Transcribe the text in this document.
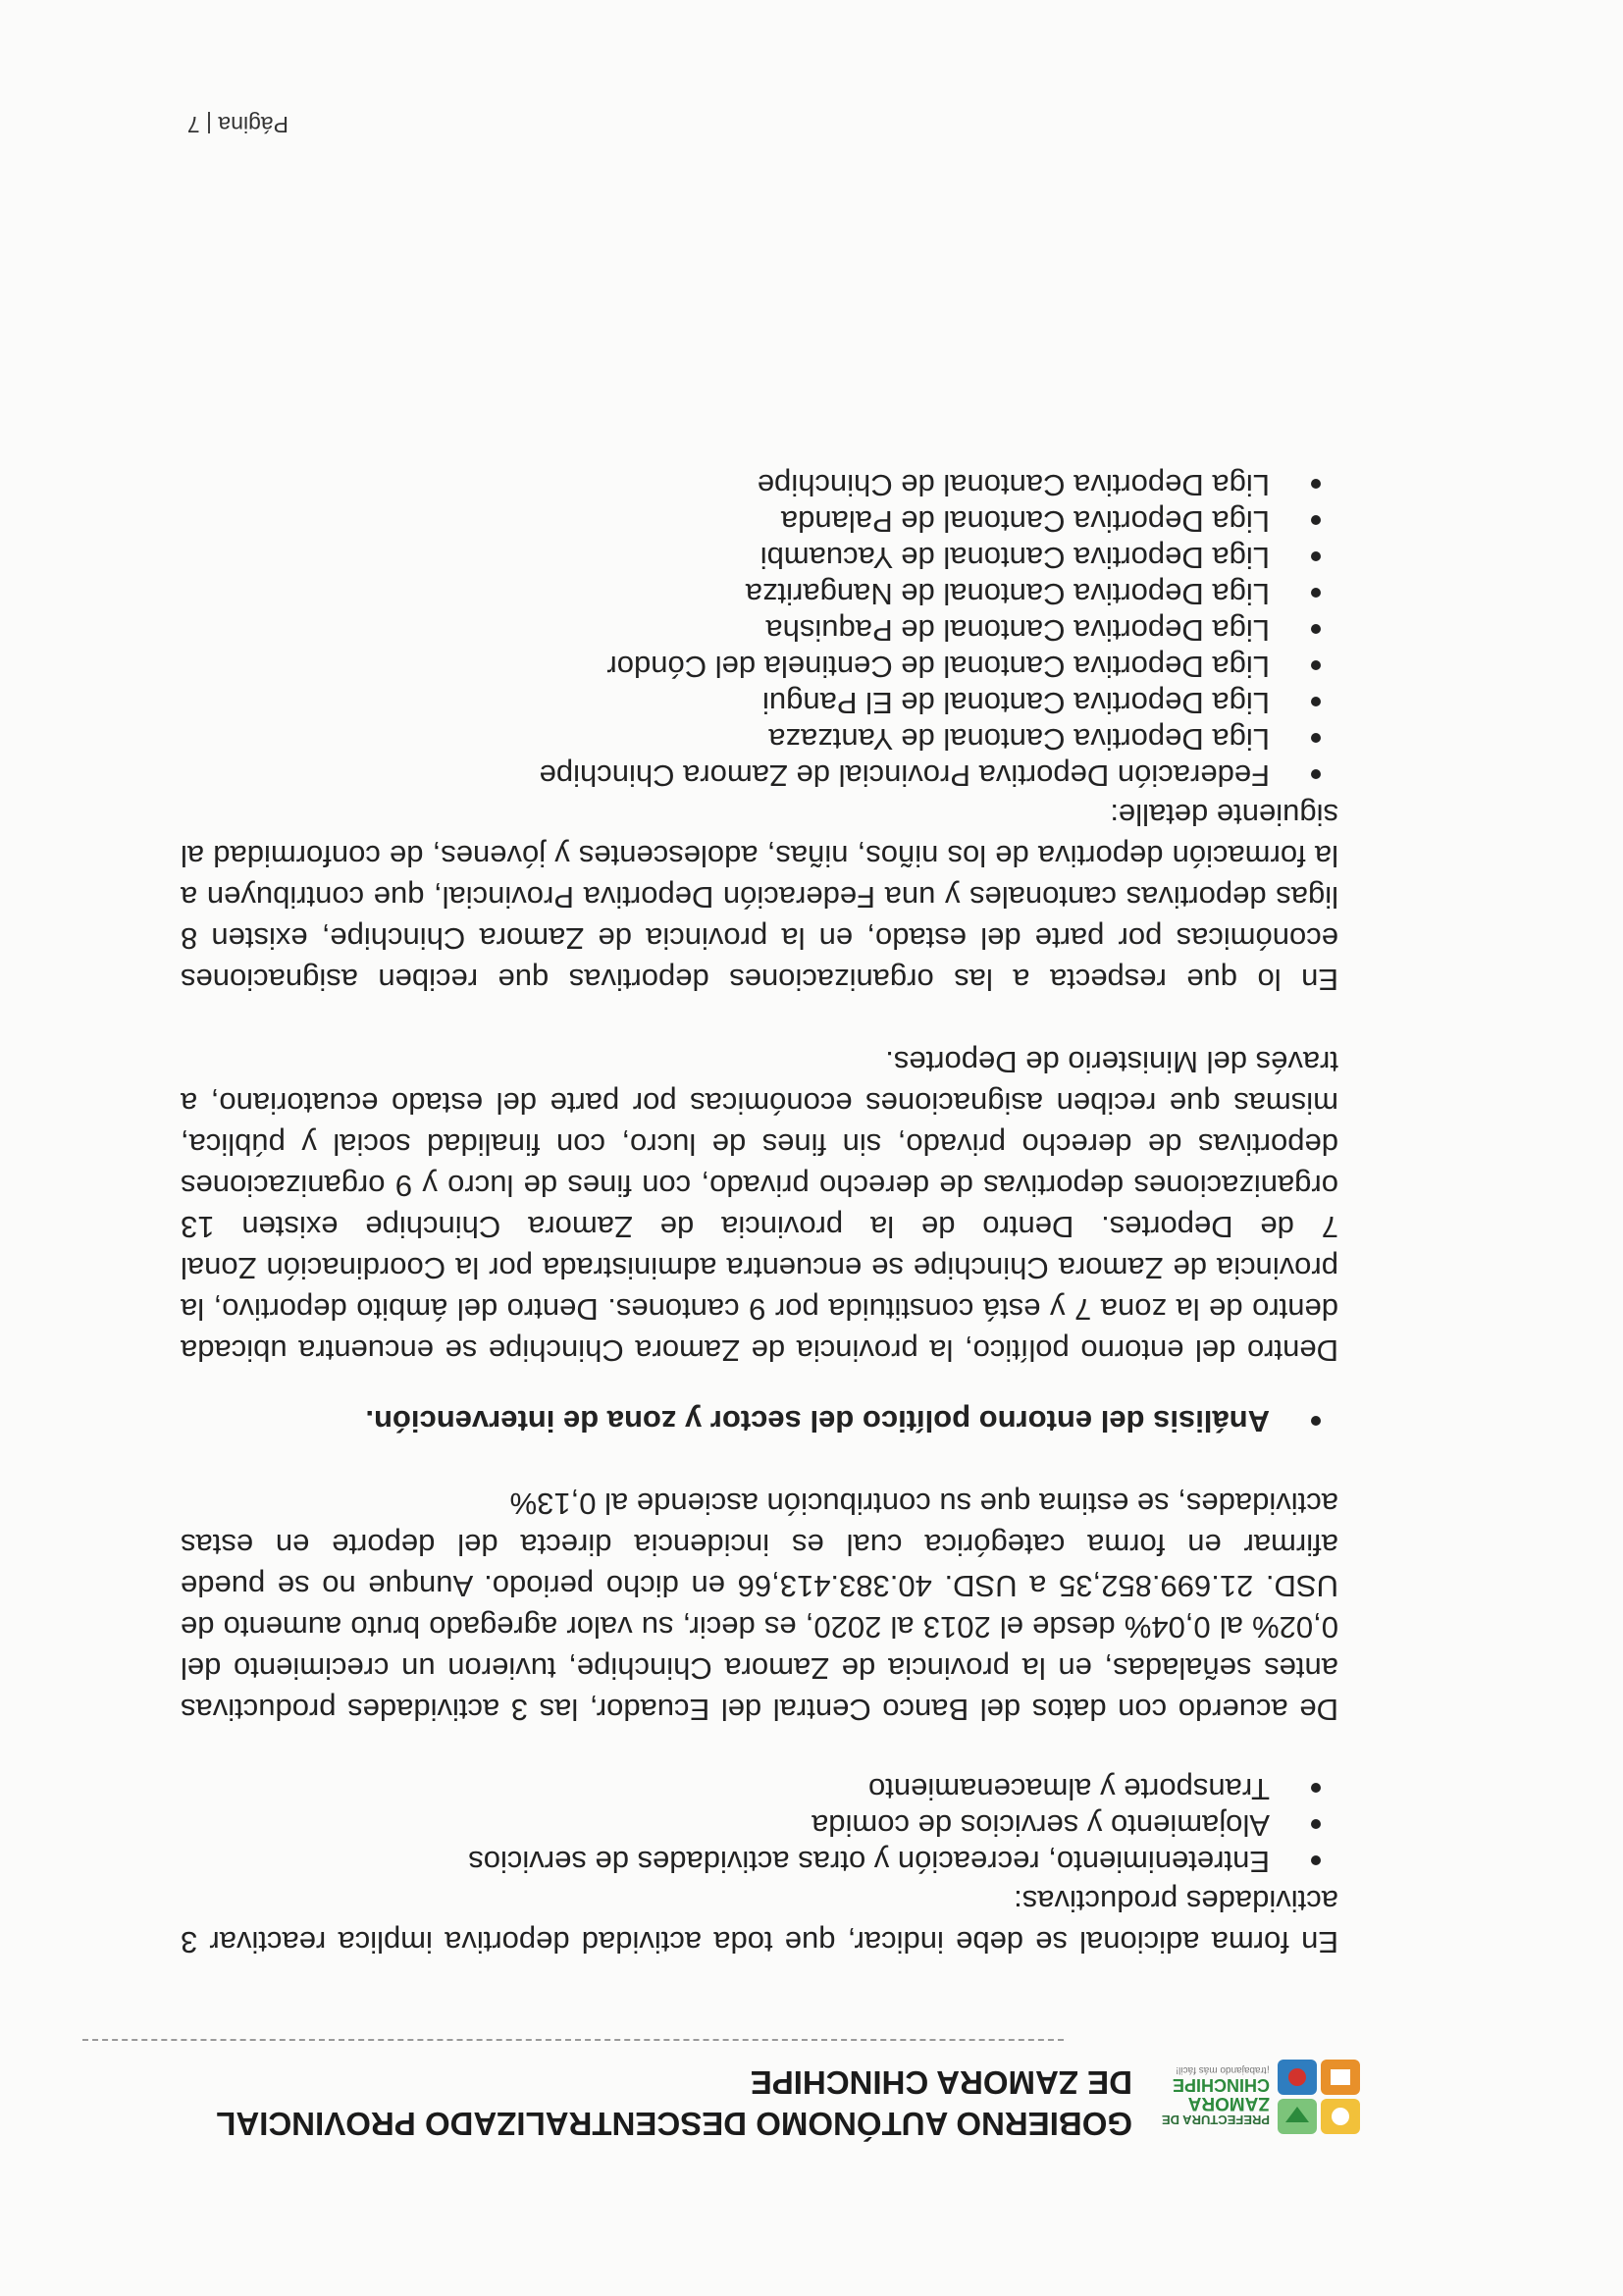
PREFECTURA DE
ZAMORA
CHINCHIPE
¡trabajando más fácil!
GOBIERNO AUTÓNOMO DESCENTRALIZADO PROVINCIAL
DE ZAMORA CHINCHIPE

En forma adicional se debe indicar, que toda actividad deportiva implica reactivar 3 actividades productivas:

Entretenimiento, recreación y otras actividades de servicios
Alojamiento y servicios de comida
Transporte y almacenamiento

De acuerdo con datos del Banco Central del Ecuador, las 3 actividades productivas antes señaladas, en la provincia de Zamora Chinchipe, tuvieron un crecimiento del 0,02% al 0,04% desde el 2013 al 2020, es decir, su valor agregado bruto aumento de USD. 21.699.852,35 a USD. 40.383.413,66 en dicho periodo. Aunque no se puede afirmar en forma categórica cual es incidencia directa del deporte en estas actividades, se estima que su contribución asciende al 0,13%

Análisis del entorno político del sector y zona de intervención.

Dentro del entorno político, la provincia de Zamora Chinchipe se encuentra ubicada dentro de la zona 7 y está constituida por 9 cantones. Dentro del ámbito deportivo, la provincia de Zamora Chinchipe se encuentra administrada por la Coordinación Zonal 7 de Deportes. Dentro de la provincia de Zamora Chinchipe existen 13 organizaciones deportivas de derecho privado, con fines de lucro y 9 organizaciones deportivas de derecho privado, sin fines de lucro, con finalidad social y pública, mismas que reciben asignaciones económicas por parte del estado ecuatoriano, a través del Ministerio de Deportes.

En lo que respecta a las organizaciones deportivas que reciben asignaciones económicas por parte del estado, en la provincia de Zamora Chinchipe, existen 8 ligas deportivas cantonales y una Federación Deportiva Provincial, que contribuyen a la formación deportiva de los niños, niñas, adolescentes y jóvenes, de conformidad al siguiente detalle:

Federación Deportiva Provincial de Zamora Chinchipe
Liga Deportiva Cantonal de Yantzaza
Liga Deportiva Cantonal de El Pangui
Liga Deportiva Cantonal de Centinela del Cóndor
Liga Deportiva Cantonal de Paquisha
Liga Deportiva Cantonal de Nangaritza
Liga Deportiva Cantonal de Yacuambi
Liga Deportiva Cantonal de Palanda
Liga Deportiva Cantonal de Chinchipe
Página | 7
